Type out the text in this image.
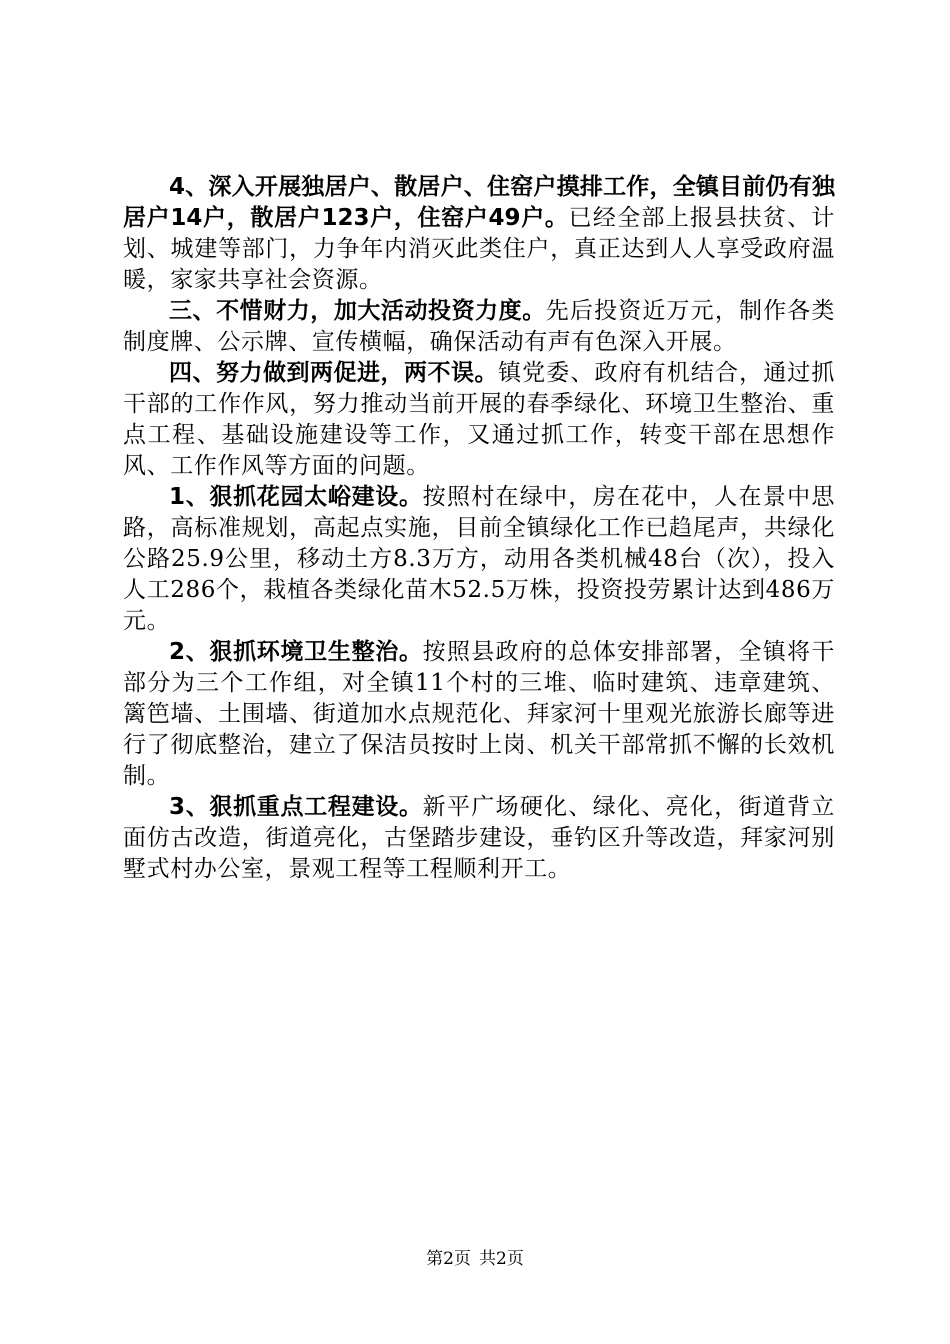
4、深入开展独居户、散居户、住窑户摸排工作，全镇目前仍有独居户14户，散居户123户，住窑户49户。已经全部上报县扶贫、计划、城建等部门，力争年内消灭此类住户，真正达到人人享受政府温暖，家家共享社会资源。

三、不惜财力，加大活动投资力度。先后投资近万元，制作各类制度牌、公示牌、宣传横幅，确保活动有声有色深入开展。

四、努力做到两促进，两不误。镇党委、政府有机结合，通过抓干部的工作作风，努力推动当前开展的春季绿化、环境卫生整治、重点工程、基础设施建设等工作，又通过抓工作，转变干部在思想作风、工作作风等方面的问题。

1、狠抓花园太峪建设。按照村在绿中，房在花中，人在景中思路，高标准规划，高起点实施，目前全镇绿化工作已趋尾声，共绿化公路25.9公里，移动土方8.3万方，动用各类机械48台（次），投入人工286个，栽植各类绿化苗木52.5万株，投资投劳累计达到486万元。

2、狠抓环境卫生整治。按照县政府的总体安排部署，全镇将干部分为三个工作组，对全镇11个村的三堆、临时建筑、违章建筑、篱笆墙、土围墙、街道加水点规范化、拜家河十里观光旅游长廊等进行了彻底整治，建立了保洁员按时上岗、机关干部常抓不懈的长效机制。

3、狠抓重点工程建设。新平广场硬化、绿化、亮化，街道背立面仿古改造，街道亮化，古堡踏步建设，垂钓区升等改造，拜家河别墅式村办公室，景观工程等工程顺利开工。

第2页 共2页
